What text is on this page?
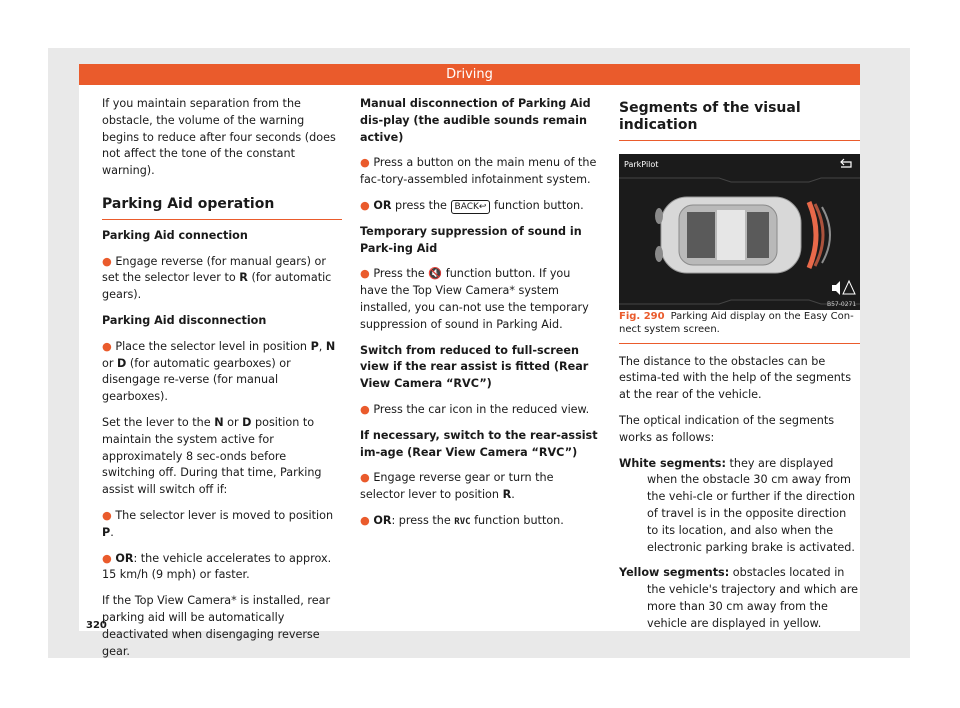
Driving

If you maintain separation from the obstacle, the volume of the warning begins to reduce after four seconds (does not affect the tone of the constant warning).

Parking Aid operation

Parking Aid connection

● Engage reverse (for manual gears) or set the selector lever to R (for automatic gears).

Parking Aid disconnection

● Place the selector level in position P, N or D (for automatic gearboxes) or disengage re-verse (for manual gearboxes).

Set the lever to the N or D position to maintain the system active for approximately 8 sec-onds before switching off. During that time, Parking assist will switch off if:

● The selector lever is moved to position P.

● OR: the vehicle accelerates to approx. 15 km/h (9 mph) or faster.

If the Top View Camera* is installed, rear parking aid will be automatically deactivated when disengaging reverse gear.

Manual disconnection of Parking Aid dis-play (the audible sounds remain active)

● Press a button on the main menu of the fac-tory-assembled infotainment system.

● OR press the BACK↩ function button.

Temporary suppression of sound in Park-ing Aid

● Press the 🔇 function button. If you have the Top View Camera* system installed, you can-not use the temporary suppression of sound in Parking Aid.

Switch from reduced to full-screen view if the rear assist is fitted (Rear View Camera “RVC”)

● Press the car icon in the reduced view.

If necessary, switch to the rear-assist im-age (Rear View Camera “RVC”)

● Engage reverse gear or turn the selector lever to position R.

● OR: press the RVC function button.

Segments of the visual indication
ParkPilot
B57-0271

Fig. 290 Parking Aid display on the Easy Con-nect system screen.

The distance to the obstacles can be estima-ted with the help of the segments at the rear of the vehicle.

The optical indication of the segments works as follows:

White segments: they are displayed when the obstacle 30 cm away from the vehi-cle or further if the direction of travel is in the opposite direction to its location, and also when the electronic parking brake is activated.

Yellow segments: obstacles located in the vehicle's trajectory and which are more than 30 cm away from the vehicle are displayed in yellow.

320
